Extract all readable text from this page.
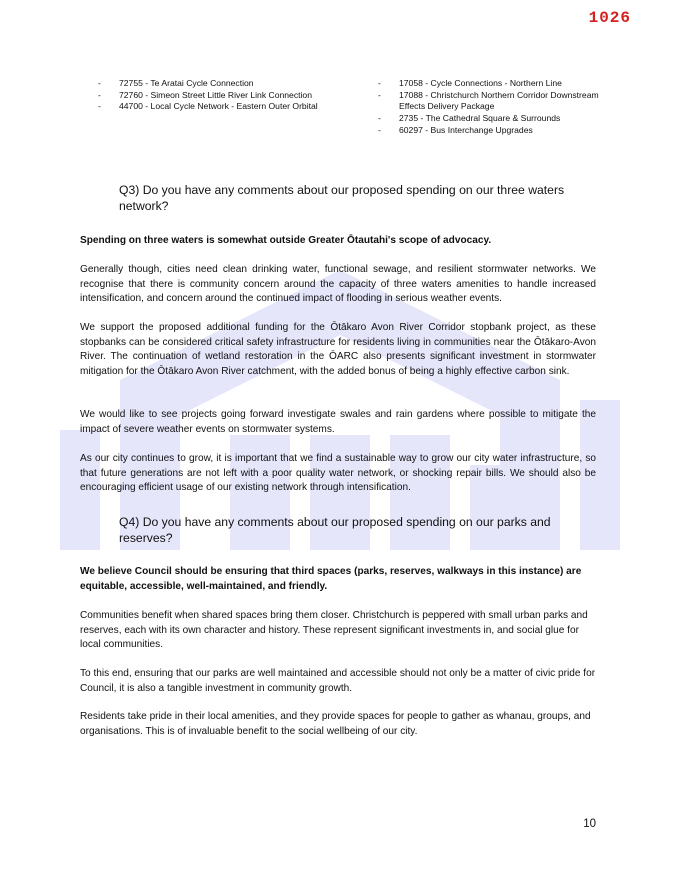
1026
- 72755 - Te Aratai Cycle Connection
- 72760 - Simeon Street Little River Link Connection
- 44700 - Local Cycle Network - Eastern Outer Orbital
- 17058 - Cycle Connections - Northern Line
- 17088 - Christchurch Northern Corridor Downstream Effects Delivery Package
- 2735 - The Cathedral Square & Surrounds
- 60297 - Bus Interchange Upgrades
Q3) Do you have any comments about our proposed spending on our three waters network?

Spending on three waters is somewhat outside Greater Ōtautahi's scope of advocacy.

Generally though, cities need clean drinking water, functional sewage, and resilient stormwater networks. We recognise that there is community concern around the capacity of three waters amenities to handle increased intensification, and concern around the continued impact of flooding in serious weather events.

We support the proposed additional funding for the Ōtākaro Avon River Corridor stopbank project, as these stopbanks can be considered critical safety infrastructure for residents living in communities near the Ōtākaro-Avon River. The continuation of wetland restoration in the ŌARC also presents significant investment in stormwater mitigation for the Ōtākaro Avon River catchment, with the added bonus of being a highly effective carbon sink.

We would like to see projects going forward investigate swales and rain gardens where possible to mitigate the impact of severe weather events on stormwater systems.

As our city continues to grow, it is important that we find a sustainable way to grow our city water infrastructure, so that future generations are not left with a poor quality water network, or shocking repair bills. We should also be encouraging efficient usage of our existing network through intensification.

Q4) Do you have any comments about our proposed spending on our parks and reserves?

We believe Council should be ensuring that third spaces (parks, reserves, walkways in this instance) are equitable, accessible, well-maintained, and friendly.

Communities benefit when shared spaces bring them closer. Christchurch is peppered with small urban parks and reserves, each with its own character and history. These represent significant investments in, and social glue for local communities.

To this end, ensuring that our parks are well maintained and accessible should not only be a matter of civic pride for Council, it is also a tangible investment in community growth.

Residents take pride in their local amenities, and they provide spaces for people to gather as whanau, groups, and organisations. This is of invaluable benefit to the social wellbeing of our city.

10
